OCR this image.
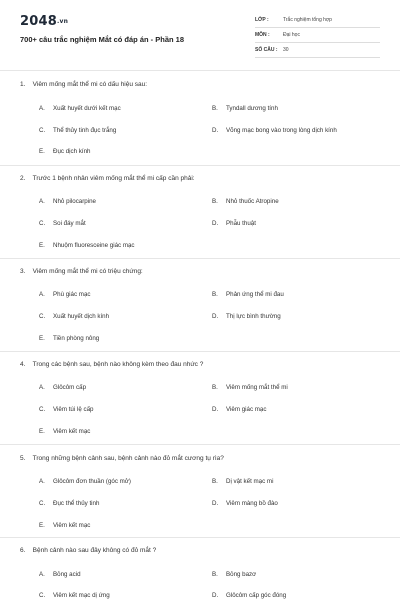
2048.vn
700+ câu trắc nghiệm Mắt có đáp án - Phần 18
LỚP :	Trắc nghiệm tổng hợp
MÔN :	Đại học
SỐ CÂU : 30
1. Viêm mống mắt thể mi có dấu hiệu sau:
A. Xuất huyết dưới kết mạc	B. Tyndall dương tính
C. Thể thủy tinh đục trắng	D. Võng mạc bong vào trong lòng dịch kính
E. Đục dịch kính
2. Trước 1 bệnh nhân viêm mống mắt thể mi cấp cần phải:
A. Nhỏ pilocarpine	B. Nhỏ thuốc Atropine
C. Soi đáy mắt	D. Phẫu thuật
E. Nhuộm fluoresceine giác mạc
3. Viêm mống mắt thể mi có triệu chứng:
A. Phù giác mạc	B. Phản ứng thể mi đau
C. Xuất huyết dịch kính	D. Thị lực bình thường
E. Tiền phòng nông
4. Trong các bệnh sau, bệnh nào không kèm theo đau nhức ?
A. Glôcôm cấp	B. Viêm mống mắt thể mi
C. Viêm túi lệ cấp	D. Viêm giác mạc
E. Viêm kết mạc
5. Trong những bệnh cảnh sau, bệnh cảnh nào đỏ mắt cương tụ rìa?
A. Glôcôm đơn thuần (góc mở)	B. Dị vật kết mạc mi
C. Đục thể thủy tinh	D. Viêm màng bồ đào
E. Viêm kết mạc
6. Bệnh cảnh nào sau đây không có đỏ mắt ?
A. Bỏng acid	B. Bỏng bazơ
C. Viêm kết mạc dị ứng	D. Glôcôm cấp góc đóng
